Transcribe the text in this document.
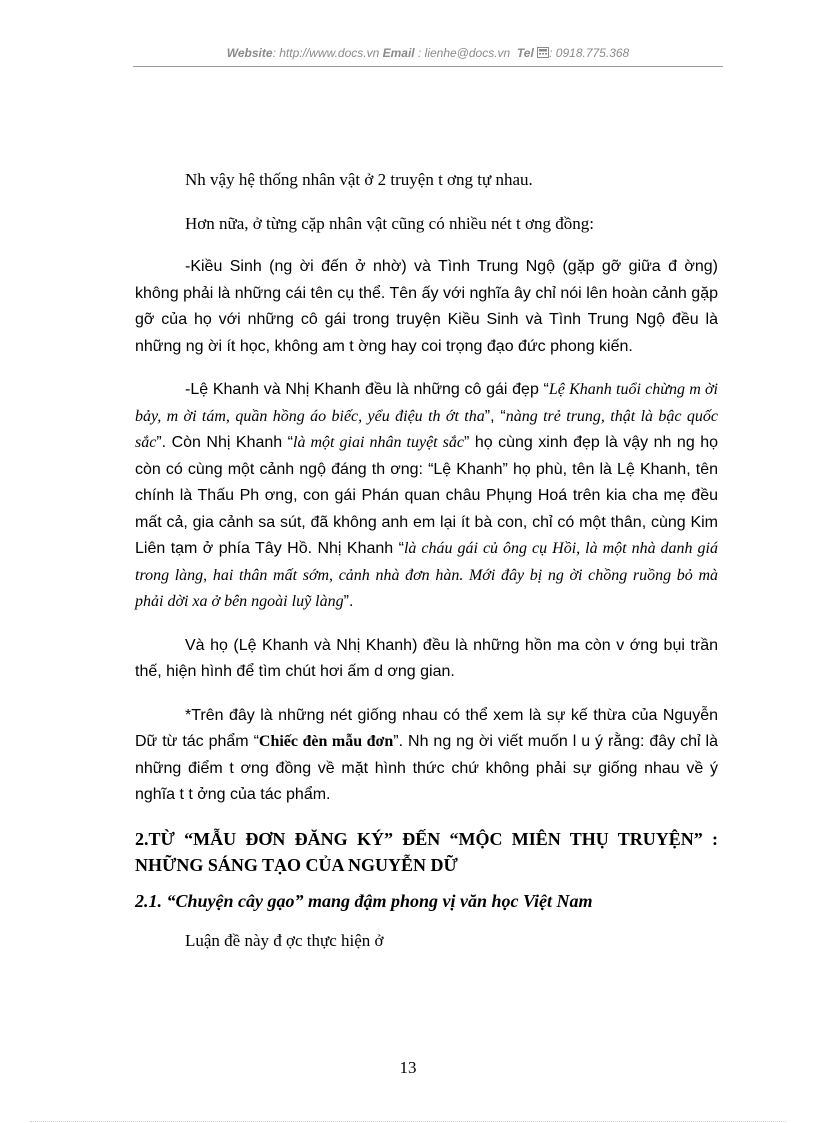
Website: http://www.docs.vn Email : lienhe@docs.vn Tel : 0918.775.368

Nh vậy hệ thống nhân vật ở 2 truyện t ơng tự nhau.

Hơn nữa, ở từng cặp nhân vật cũng có nhiều nét t ơng đồng:

-Kiều Sinh (ng ời đến ở nhờ) và Tình Trung Ngộ (gặp gỡ giữa đ ờng) không phải là những cái tên cụ thể. Tên ấy với nghĩa ây chỉ nói lên hoàn cảnh gặp gỡ của họ với những cô gái trong truyện Kiều Sinh và Tình Trung Ngộ đều là những ng ời ít học, không am t ờng hay coi trọng đạo đức phong kiến.

-Lệ Khanh và Nhị Khanh đều là những cô gái đẹp “Lệ Khanh tuổi chừng m ời bảy, m ời tám, quần hồng áo biếc, yểu điệu th ớt tha”, “nàng trẻ trung, thật là bậc quốc sắc”. Còn Nhị Khanh “là một giai nhân tuyệt sắc” họ cùng xinh đẹp là vậy nh ng họ còn có cùng một cảnh ngộ đáng th ơng: “Lệ Khanh” họ phù, tên là Lệ Khanh, tên chính là Thấu Ph ơng, con gái Phán quan châu Phụng Hoá trên kia cha mẹ đều mất cả, gia cảnh sa sút, đã không anh em lại ít bà con, chỉ có một thân, cùng Kim Liên tạm ở phía Tây Hồ. Nhị Khanh “là cháu gái củ ông cụ Hồi, là một nhà danh giá trong làng, hai thân mất sớm, cảnh nhà đơn hàn. Mới đây bị ng ời chồng ruồng bỏ mà phải dời xa ở bên ngoài luỹ làng”.

Và họ (Lệ Khanh và Nhị Khanh) đều là những hồn ma còn v ớng bụi trần thế, hiện hình để tìm chút hơi ấm d ơng gian.

*Trên đây là những nét giống nhau có thể xem là sự kế thừa của Nguyễn Dữ từ tác phẩm “Chiếc đèn mẫu đơn”. Nh ng ng ời viết muốn l u ý rằng: đây chỉ là những điểm t ơng đồng về mặt hình thức chứ không phải sự giống nhau về ý nghĩa t t ởng của tác phẩm.

2.TỪ “MẪU ĐƠN ĐĂNG KÝ” ĐẾN “MỘC MIÊN THỤ TRUYỆN” : NHỮNG SÁNG TẠO CỦA NGUYỄN DỮ
2.1. “Chuyện cây gạo” mang đậm phong vị văn học Việt Nam

Luận đề này đ ợc thực hiện ở

13
